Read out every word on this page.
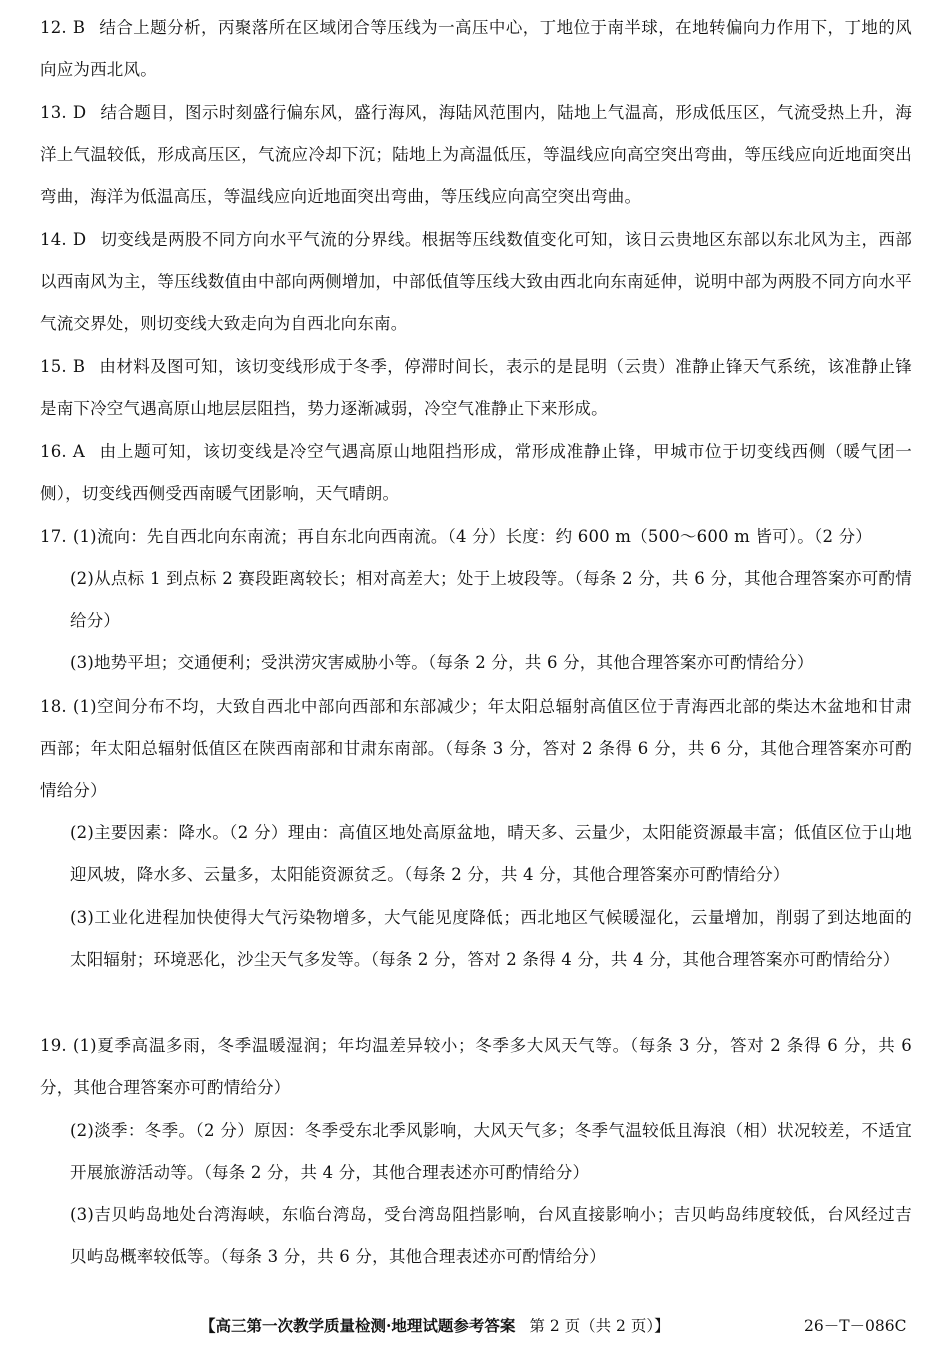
12. B 结合上题分析，丙聚落所在区域闭合等压线为一高压中心，丁地位于南半球，在地转偏向力作用下，丁地的风向应为西北风。
13. D 结合题目，图示时刻盛行偏东风，盛行海风，海陆风范围内，陆地上气温高，形成低压区，气流受热上升，海洋上气温较低，形成高压区，气流应冷却下沉；陆地上为高温低压，等温线应向高空突出弯曲，等压线应向近地面突出弯曲，海洋为低温高压，等温线应向近地面突出弯曲，等压线应向高空突出弯曲。
14. D 切变线是两股不同方向水平气流的分界线。根据等压线数值变化可知，该日云贵地区东部以东北风为主，西部以西南风为主，等压线数值由中部向两侧增加，中部低值等压线大致由西北向东南延伸，说明中部为两股不同方向水平气流交界处，则切变线大致走向为自西北向东南。
15. B 由材料及图可知，该切变线形成于冬季，停滞时间长，表示的是昆明（云贵）准静止锋天气系统，该准静止锋是南下冷空气遇高原山地层层阻挡，势力逐渐减弱，冷空气准静止下来形成。
16. A 由上题可知，该切变线是冷空气遇高原山地阻挡形成，常形成准静止锋，甲城市位于切变线西侧（暖气团一侧），切变线西侧受西南暖气团影响，天气晴朗。
17. (1)流向：先自西北向东南流；再自东北向西南流。（4 分）长度：约 600 m（500～600 m 皆可）。（2 分）
(2)从点标 1 到点标 2 赛段距离较长；相对高差大；处于上坡段等。（每条 2 分，共 6 分，其他合理答案亦可酌情给分）
(3)地势平坦；交通便利；受洪涝灾害威胁小等。（每条 2 分，共 6 分，其他合理答案亦可酌情给分）
18. (1)空间分布不均，大致自西北中部向西部和东部减少；年太阳总辐射高值区位于青海西北部的柴达木盆地和甘肃西部；年太阳总辐射低值区在陕西南部和甘肃东南部。（每条 3 分，答对 2 条得 6 分，共 6 分，其他合理答案亦可酌情给分）
(2)主要因素：降水。（2 分）理由：高值区地处高原盆地，晴天多、云量少，太阳能资源最丰富；低值区位于山地迎风坡，降水多、云量多，太阳能资源贫乏。（每条 2 分，共 4 分，其他合理答案亦可酌情给分）
(3)工业化进程加快使得大气污染物增多，大气能见度降低；西北地区气候暖湿化，云量增加，削弱了到达地面的太阳辐射；环境恶化，沙尘天气多发等。（每条 2 分，答对 2 条得 4 分，共 4 分，其他合理答案亦可酌情给分）
19. (1)夏季高温多雨，冬季温暖湿润；年均温差异较小；冬季多大风天气等。（每条 3 分，答对 2 条得 6 分，共 6 分，其他合理答案亦可酌情给分）
(2)淡季：冬季。（2 分）原因：冬季受东北季风影响，大风天气多；冬季气温较低且海浪（相）状况较差，不适宜开展旅游活动等。（每条 2 分，共 4 分，其他合理表述亦可酌情给分）
(3)吉贝屿岛地处台湾海峡，东临台湾岛，受台湾岛阻挡影响，台风直接影响小；吉贝屿岛纬度较低，台风经过吉贝屿岛概率较低等。（每条 3 分，共 6 分，其他合理表述亦可酌情给分）
【高三第一次教学质量检测·地理试题参考答案 第 2 页（共 2 页）】	26－T－086C
